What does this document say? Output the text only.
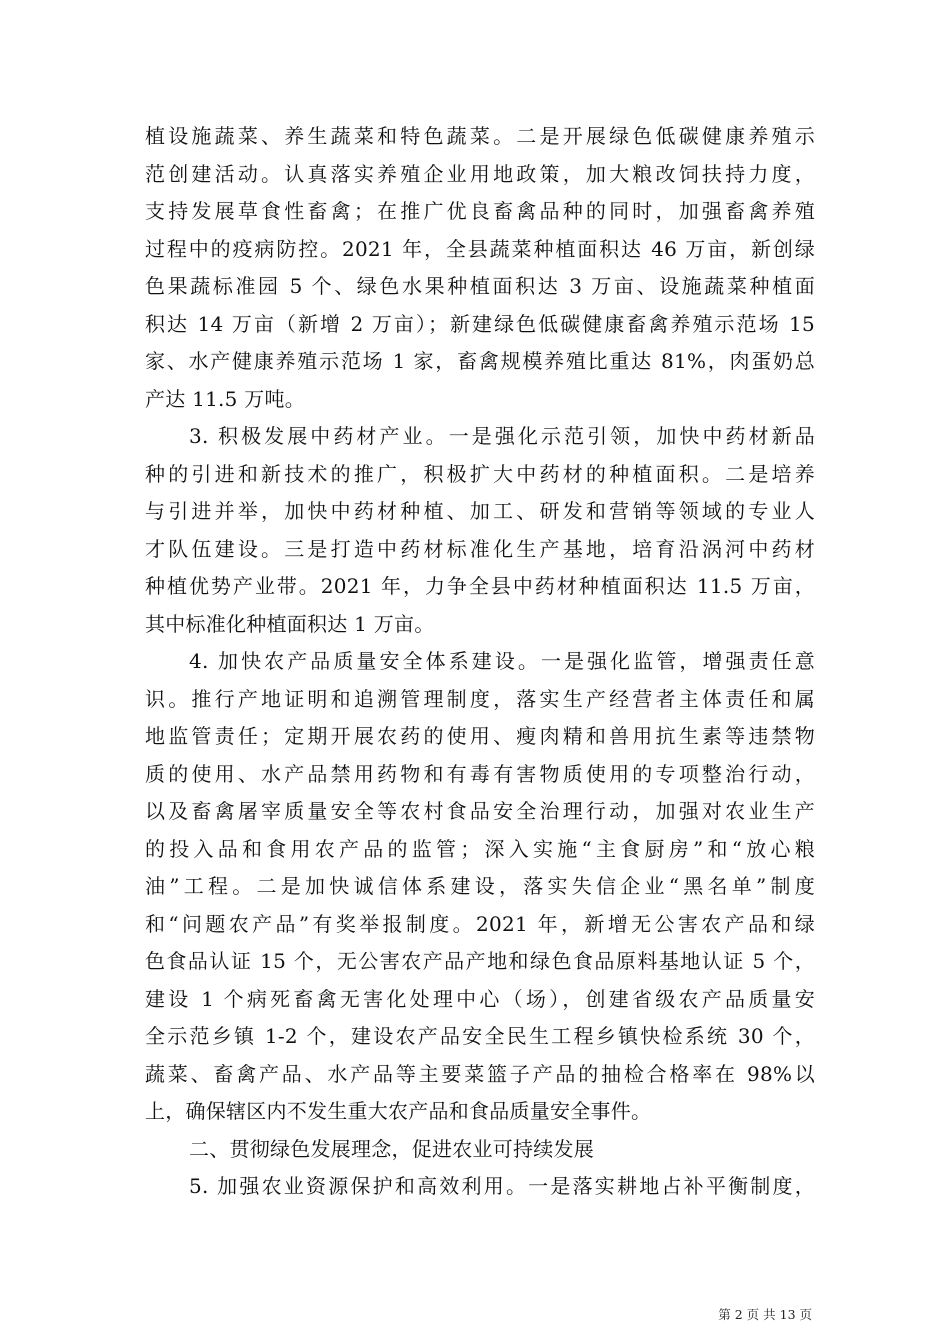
植设施蔬菜、养生蔬菜和特色蔬菜。二是开展绿色低碳健康养殖示
范创建活动。认真落实养殖企业用地政策，加大粮改饲扶持力度，
支持发展草食性畜禽；在推广优良畜禽品种的同时，加强畜禽养殖
过程中的疫病防控。2021 年，全县蔬菜种植面积达 46 万亩，新创绿
色果蔬标准园 5 个、绿色水果种植面积达 3 万亩、设施蔬菜种植面
积达 14 万亩（新增 2 万亩）；新建绿色低碳健康畜禽养殖示范场 15
家、水产健康养殖示范场 1 家，畜禽规模养殖比重达 81%，肉蛋奶总
产达 11.5 万吨。
3. 积极发展中药材产业。一是强化示范引领，加快中药材新品
种的引进和新技术的推广，积极扩大中药材的种植面积。二是培养
与引进并举，加快中药材种植、加工、研发和营销等领域的专业人
才队伍建设。三是打造中药材标准化生产基地，培育沿涡河中药材
种植优势产业带。2021 年，力争全县中药材种植面积达 11.5 万亩，
其中标准化种植面积达 1 万亩。
4. 加快农产品质量安全体系建设。一是强化监管，增强责任意
识。推行产地证明和追溯管理制度，落实生产经营者主体责任和属
地监管责任；定期开展农药的使用、瘦肉精和兽用抗生素等违禁物
质的使用、水产品禁用药物和有毒有害物质使用的专项整治行动，
以及畜禽屠宰质量安全等农村食品安全治理行动，加强对农业生产
的投入品和食用农产品的监管；深入实施“主食厨房”和“放心粮
油”工程。二是加快诚信体系建设，落实失信企业“黑名单”制度
和“问题农产品”有奖举报制度。2021 年，新增无公害农产品和绿
色食品认证 15 个，无公害农产品产地和绿色食品原料基地认证 5 个，
建设 1 个病死畜禽无害化处理中心（场），创建省级农产品质量安
全示范乡镇 1-2 个，建设农产品安全民生工程乡镇快检系统 30 个，
蔬菜、畜禽产品、水产品等主要菜篮子产品的抽检合格率在 98%以
上，确保辖区内不发生重大农产品和食品质量安全事件。
二、贯彻绿色发展理念，促进农业可持续发展
5. 加强农业资源保护和高效利用。一是落实耕地占补平衡制度，
第 2 页 共 13 页
